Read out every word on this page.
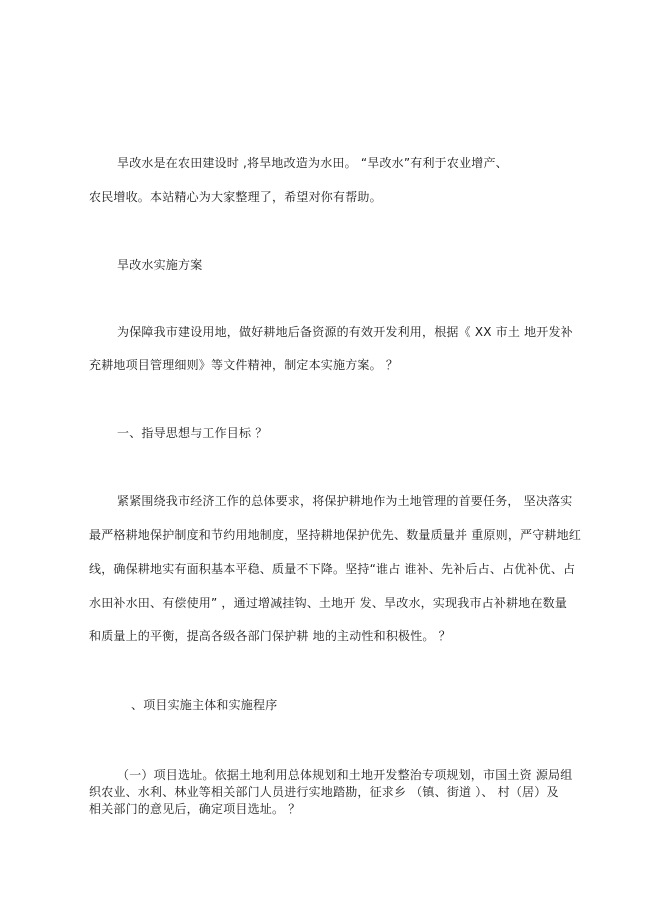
旱改水是在农田建设时 ,将旱地改造为水田。 “旱改水”有利于农业增产、
农民增收。本站精心为大家整理了，希望对你有帮助。
旱改水实施方案
为保障我市建设用地，做好耕地后备资源的有效开发利用，根据《 XX 市土 地开发补
充耕地项目管理细则》等文件精神，制定本实施方案。 ？
一、指导思想与工作目标 ？
紧紧围绕我市经济工作的总体要求，将保护耕地作为土地管理的首要任务， 坚决落实
最严格耕地保护制度和节约用地制度，坚持耕地保护优先、数量质量并 重原则，严守耕地红
线，确保耕地实有面积基本平稳、质量不下降。坚持“谁占 谁补、先补后占、占优补优、占
水田补水田、有偿使用” ，通过增减挂钩、土地开 发、旱改水，实现我市占补耕地在数量
和质量上的平衡，提高各级各部门保护耕 地的主动性和积极性。 ？
、项目实施主体和实施程序
（一）项目选址。依据土地利用总体规划和土地开发整治专项规划，市国土资 源局组
织农业、水利、林业等相关部门人员进行实地踏勘，征求乡 （镇、街道 ）、 村（居）及
相关部门的意见后，确定项目选址。 ？
